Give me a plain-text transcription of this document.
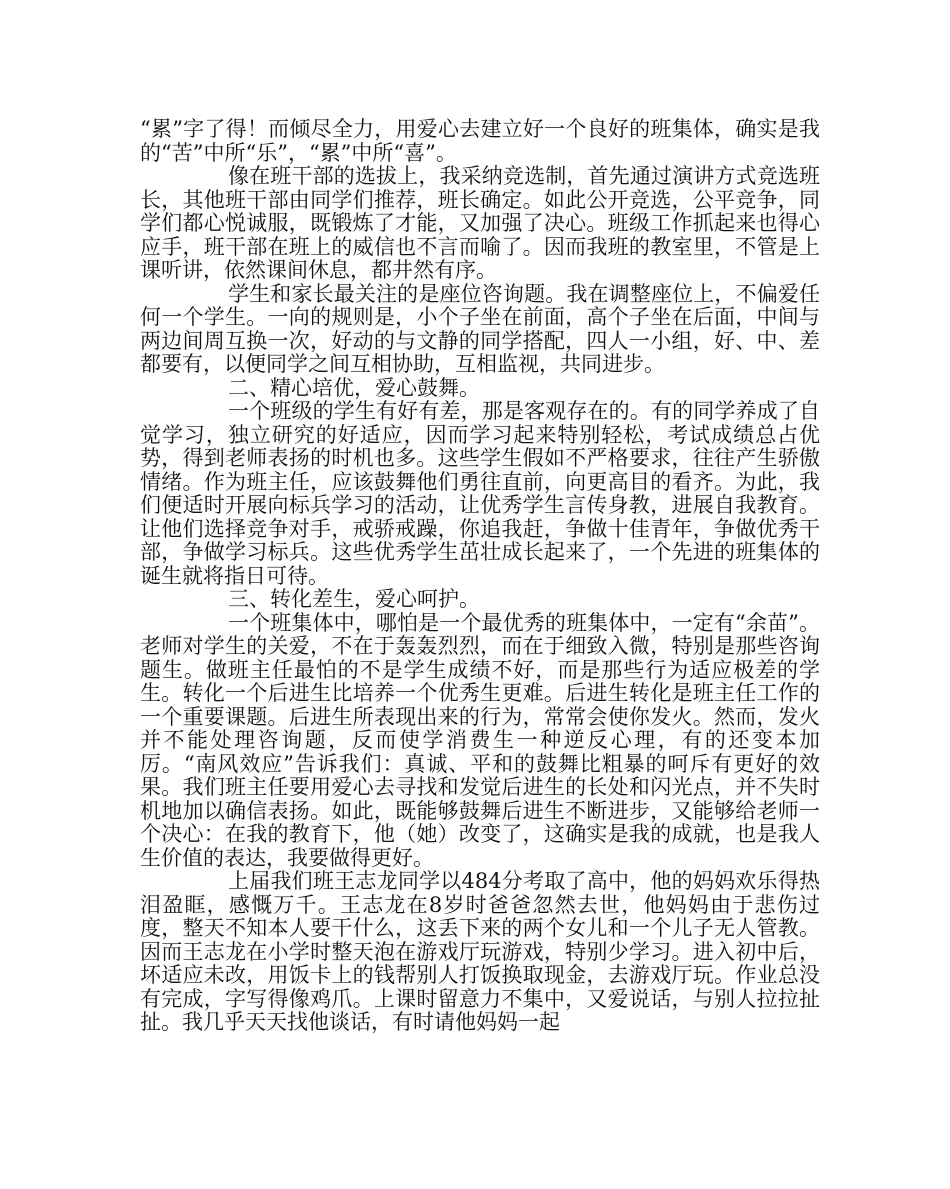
“累”字了得！而倾尽全力，用爱心去建立好一个良好的班集体，确实是我的“苦”中所“乐”，“累”中所“喜”。

像在班干部的选拔上，我采纳竞选制，首先通过演讲方式竞选班长，其他班干部由同学们推荐，班长确定。如此公开竞选，公平竞争，同学们都心悦诚服，既锻炼了才能，又加强了决心。班级工作抓起来也得心应手，班干部在班上的威信也不言而喻了。因而我班的教室里，不管是上课听讲，依然课间休息，都井然有序。

学生和家长最关注的是座位咨询题。我在调整座位上，不偏爱任何一个学生。一向的规则是，小个子坐在前面，高个子坐在后面，中间与两边间周互换一次，好动的与文静的同学搭配，四人一小组，好、中、差都要有，以便同学之间互相协助，互相监视，共同进步。

二、精心培优，爱心鼓舞。

一个班级的学生有好有差，那是客观存在的。有的同学养成了自觉学习，独立研究的好适应，因而学习起来特别轻松，考试成绩总占优势，得到老师表扬的时机也多。这些学生假如不严格要求，往往产生骄傲情绪。作为班主任，应该鼓舞他们勇往直前，向更高目的看齐。为此，我们便适时开展向标兵学习的活动，让优秀学生言传身教，进展自我教育。让他们选择竞争对手，戒骄戒躁，你追我赶，争做十佳青年，争做优秀干部，争做学习标兵。这些优秀学生茁壮成长起来了，一个先进的班集体的诞生就将指日可待。

三、转化差生，爱心呵护。

一个班集体中，哪怕是一个最优秀的班集体中，一定有“余苗”。老师对学生的关爱，不在于轰轰烈烈，而在于细致入微，特别是那些咨询题生。做班主任最怕的不是学生成绩不好，而是那些行为适应极差的学生。转化一个后进生比培养一个优秀生更难。后进生转化是班主任工作的一个重要课题。后进生所表现出来的行为，常常会使你发火。然而，发火并不能处理咨询题，反而使学消费生一种逆反心理，有的还变本加厉。“南风效应”告诉我们：真诚、平和的鼓舞比粗暴的呵斥有更好的效果。我们班主任要用爱心去寻找和发觉后进生的长处和闪光点，并不失时机地加以确信表扬。如此，既能够鼓舞后进生不断进步，又能够给老师一个决心：在我的教育下，他（她）改变了，这确实是我的成就，也是我人生价值的表达，我要做得更好。

上届我们班王志龙同学以484分考取了高中，他的妈妈欢乐得热泪盈眶，感慨万千。王志龙在8岁时爸爸忽然去世，他妈妈由于悲伤过度，整天不知本人要干什么，这丢下来的两个女儿和一个儿子无人管教。因而王志龙在小学时整天泡在游戏厅玩游戏，特别少学习。进入初中后，坏适应未改，用饭卡上的钱帮别人打饭换取现金，去游戏厅玩。作业总没有完成，字写得像鸡爪。上课时留意力不集中，又爱说话，与别人拉拉扯扯。我几乎天天找他谈话，有时请他妈妈一起
